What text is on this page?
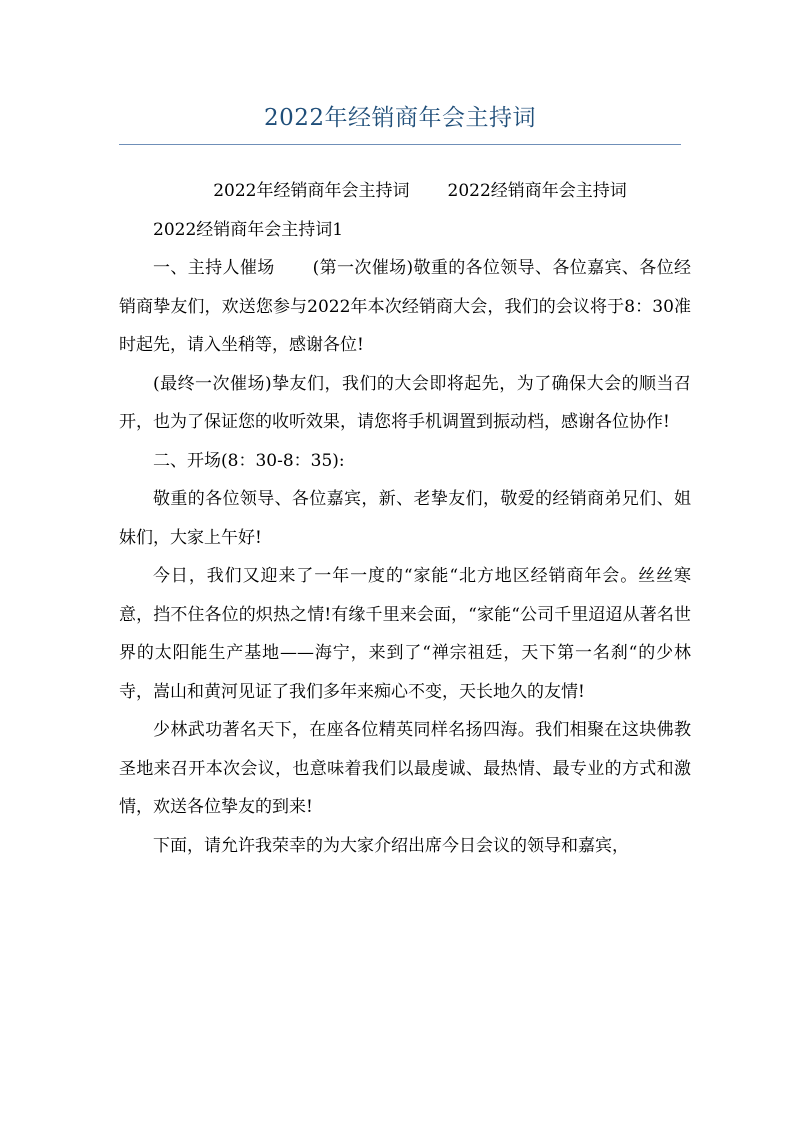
2022年经销商年会主持词

2022年经销商年会主持词 2022经销商年会主持词

2022经销商年会主持词1

一、主持人催场 (第一次催场)敬重的各位领导、各位嘉宾、各位经销商挚友们，欢送您参与2022年本次经销商大会，我们的会议将于8：30准时起先，请入坐稍等，感谢各位!

(最终一次催场)挚友们，我们的大会即将起先，为了确保大会的顺当召开，也为了保证您的收听效果，请您将手机调置到振动档，感谢各位协作!

二、开场(8：30-8：35):

敬重的各位领导、各位嘉宾，新、老挚友们，敬爱的经销商弟兄们、姐妹们，大家上午好!

今日，我们又迎来了一年一度的“家能“北方地区经销商年会。丝丝寒意，挡不住各位的炽热之情!有缘千里来会面，“家能“公司千里迢迢从著名世界的太阳能生产基地——海宁，来到了“禅宗祖廷，天下第一名刹“的少林寺，嵩山和黄河见证了我们多年来痴心不变，天长地久的友情!

少林武功著名天下，在座各位精英同样名扬四海。我们相聚在这块佛教圣地来召开本次会议，也意味着我们以最虔诚、最热情、最专业的方式和激情，欢送各位挚友的到来!

下面，请允许我荣幸的为大家介绍出席今日会议的领导和嘉宾，
